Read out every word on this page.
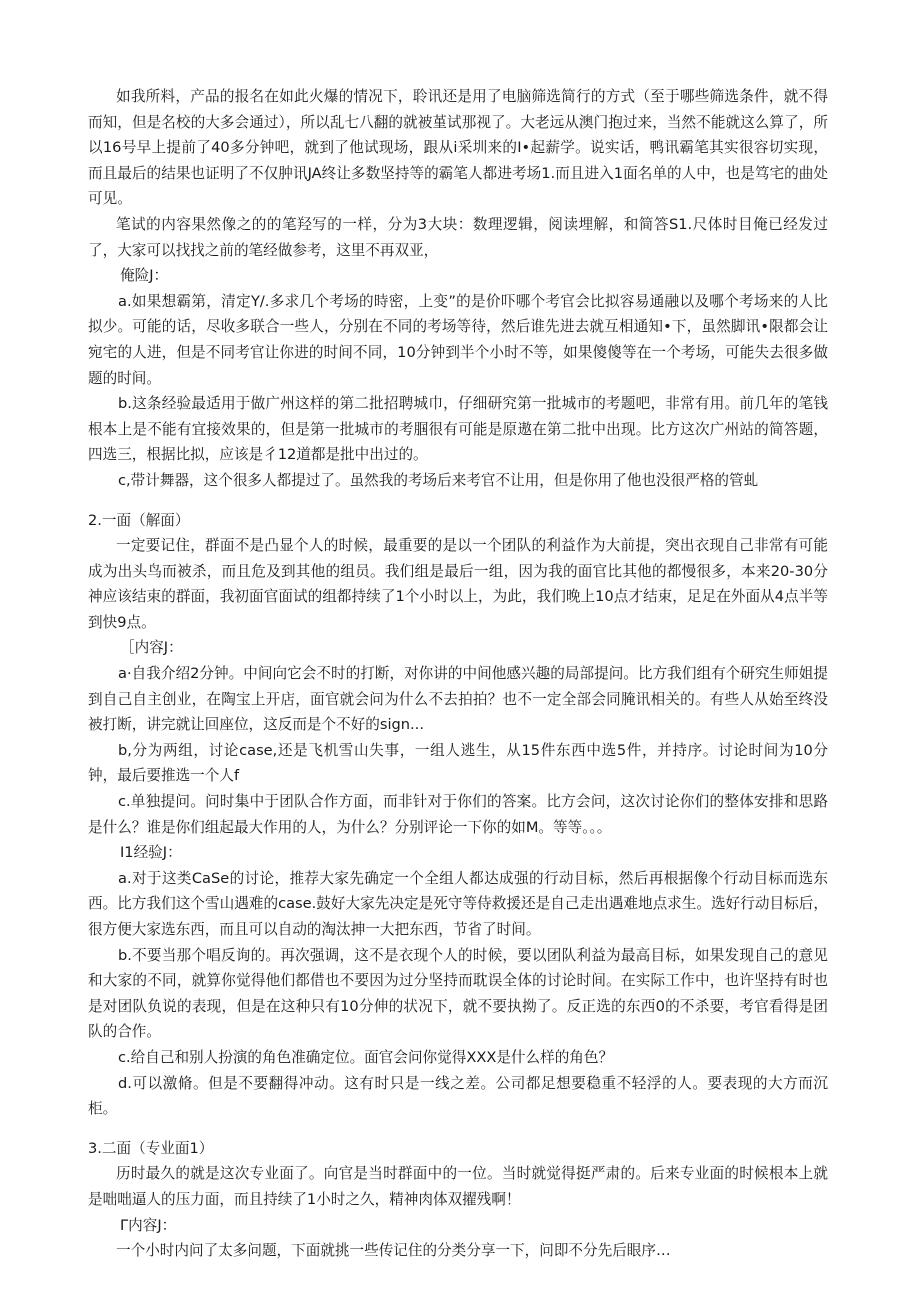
如我所料，产品的报名在如此火爆的情况下，聆讯还是用了电脑筛选简行的方式（至于哪些筛选条件，就不得而知，但是名校的大多会通过），所以乱七八翻的就被堇试那视了。大老远从澳门抱过来，当然不能就这么算了，所以16号早上提前了40多分钟吧，就到了他试现场，跟从i采圳来的I•起薪学。说实话，鸭讯霸笔其实很容切实现，而且最后的结果也证明了不仅肿讯JA终让多数坚持等的霸笔人都进考场1.而且进入1面名单的人中，也是笃宅的曲处可见。

笔试的内容果然像之的的笔羟写的一样，分为3大块：数理逻辑，阅读埋解，和简答S1.尺体时目俺已经发过了，大家可以找找之前的笔经做参考，这里不再双亚，

俺险J：

a.如果想霸第，清定Y/.多求几个考场的時密，上变”的是价吓哪个考官会比拟容易通融以及哪个考场来的人比拟少。可能的话，尽收多联合一些人，分别在不同的考场等待，然后谁先进去就互相通知•下，虽然脚讯•限都会让宛宅的人进，但是不同考官让你进的时间不同，10分钟到半个小时不等，如果傻傻等在一个考场，可能失去很多做题的时间。

b.这条经验最适用于做广州这样的第二批招聘城巾，仔细研究第一批城市的考题吧，非常有用。前几年的笔钱根本上是不能有宜接效果的，但是第一批城市的考腘很有可能是原遨在第二批中出现。比方这次广州站的简答题，四选三，根据比拟，应该是彳12道都是批中出过的。

c,带计舞器，这个很多人都提过了。虽然我的考场后来考官不让用，但是你用了他也没很严格的管虬

2.一面（解面）

一定要记住，群面不是凸显个人的时候，最重要的是以一个团队的利益作为大前提，突出衣现自己非常有可能成为出头鸟而被杀，而且危及到其他的组员。我们组是最后一组，因为我的面官比其他的都慢很多，本来20-30分神应该结束的群面，我初面官面试的组都持续了1个小时以上，为此，我们晚上10点才结束，足足在外面从4点半等到快9点。

［内容J：

a·自我介绍2分钟。中间向它会不时的打断，对你讲的中间他感兴趣的局部提问。比方我们组有个研究生师姐提到自己自主创业，在陶宝上开店，面官就会问为什么不去拍拍？也不一定全部会同腌讯相关的。有些人从始至终没被打断，讲完就让回座位，这反而是个不好的sign...

b,分为两组，讨论case,还是飞机雪山失事，一组人逃生，从15件东西中选5件，并持序。讨论时间为10分钟，最后要推选一个人f

c.单独提问。问时集中于团队合作方面，而非针对于你们的答案。比方会问，这次讨论你们的整体安排和思路是什么？谁是你们组起最大作用的人，为什么？分别评论一下你的如M。等等。。。

I1经验J：

a.对于这类CaSe的讨论，推荐大家先确定一个全组人都达成强的行动目标，然后再根据像个行动目标而选东西。比方我们这个雪山遇难的case.鼓好大家先决定是死守等侍救援还是自己走出遇难地点求生。选好行动目标后，很方便大家选东西，而且可以自动的淘汰抻一大把东西，节省了时间。

b.不要当那个唱反询的。再次强调，这不是衣现个人的时候，要以团队利益为最高目标，如果发现自己的意见和大家的不同，就算你觉得他们都借也不要因为过分坚持而耽误全体的讨论时间。在实际工作中，也许坚持有时也是对团队负说的表现，但是在这种只有10分伸的状况下，就不要执拗了。反正选的东西0的不杀要，考官看得是团队的合作。

c.给自己和别人扮演的角色准确定位。面官会问你觉得XXX是什么样的角色？

d.可以激脩。但是不要翻得冲动。这有时只是一线之差。公司都足想要稳重不轻浮的人。要表现的大方而沉柜。

3.二面（专业面1）

历时最久的就是这次专业面了。向官是当时群面中的一位。当时就觉得挺严肃的。后来专业面的时候根本上就是咄咄逼人的压力面，而且持续了1小时之久，精神肉体双擢残啊！

Γ内容J：

一个小时内问了太多问题，下面就挑一些传记住的分类分享一下，问即不分先后眼序…
